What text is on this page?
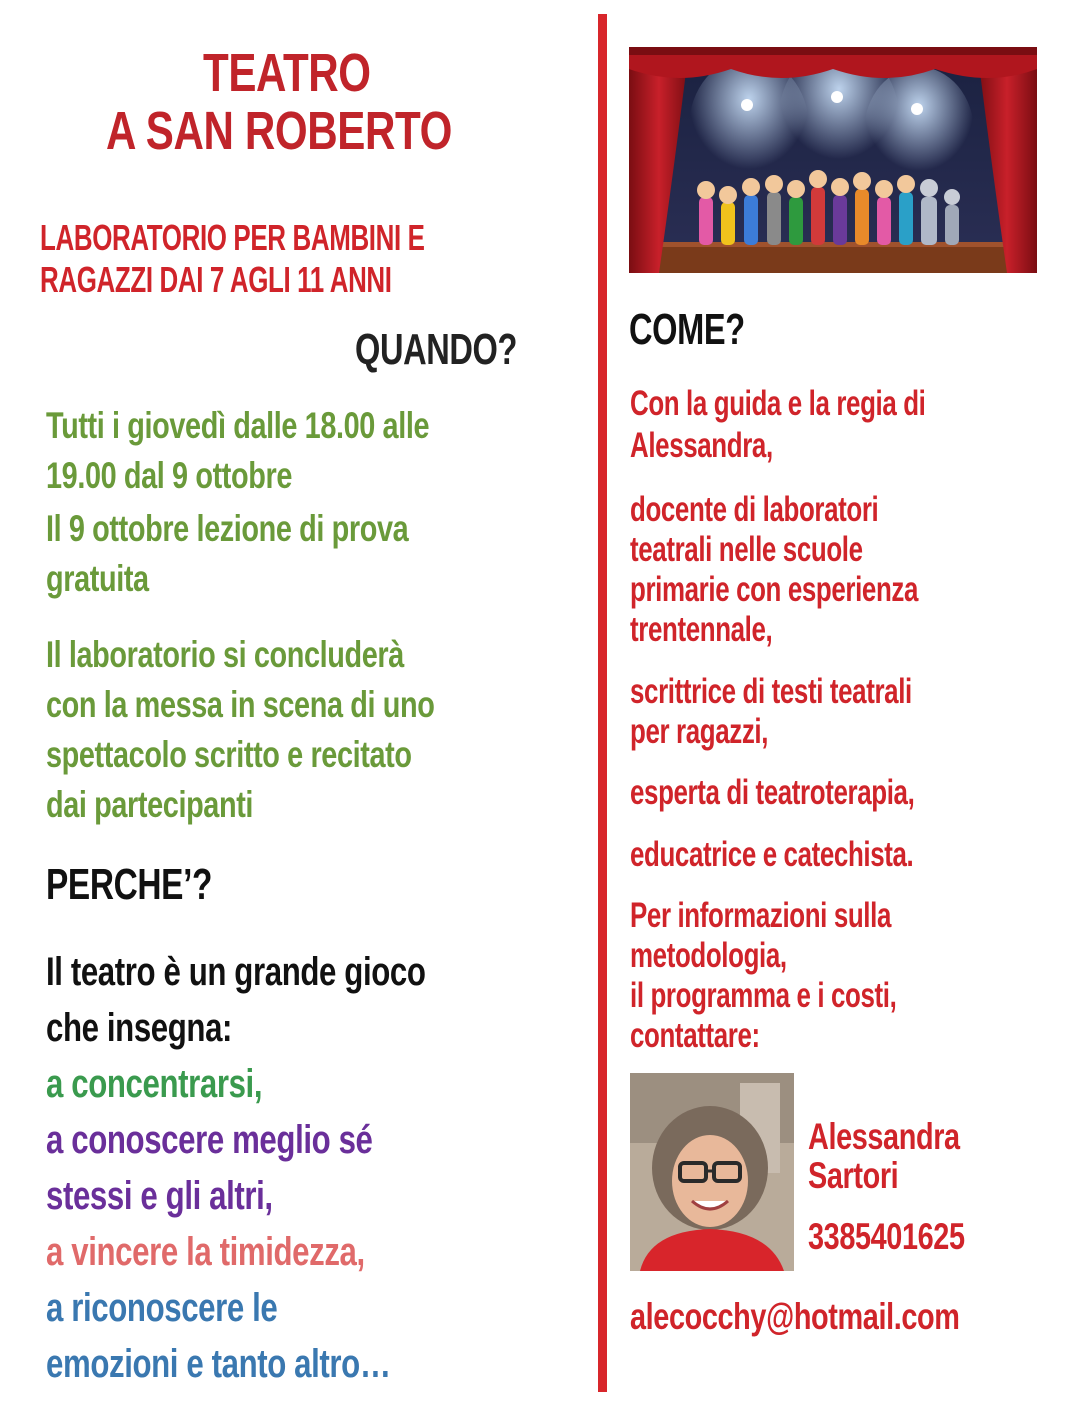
TEATRO
A SAN ROBERTO
LABORATORIO PER BAMBINI E
RAGAZZI DAI 7 AGLI 11 ANNI
QUANDO?
Tutti i giovedì dalle 18.00 alle
19.00 dal 9 ottobre
Il 9 ottobre lezione di prova
gratuita
Il laboratorio si concluderà
con la messa in scena di uno
spettacolo scritto e recitato
dai partecipanti
PERCHE’?
Il teatro è un grande gioco
che insegna:
a concentrarsi,
a conoscere meglio sé
stessi e gli altri,
a vincere la timidezza,
a riconoscere le
emozioni e tanto altro…
COME?
Con la guida e la regia di
Alessandra,
docente di laboratori
teatrali nelle scuole
primarie con esperienza
trentennale,
scrittrice di testi teatrali
per ragazzi,
esperta di teatroterapia,
educatrice e catechista.
Per informazioni sulla
metodologia,
il programma e i costi,
contattare:
Alessandra
Sartori
3385401625
alecocchy@hotmail.com
